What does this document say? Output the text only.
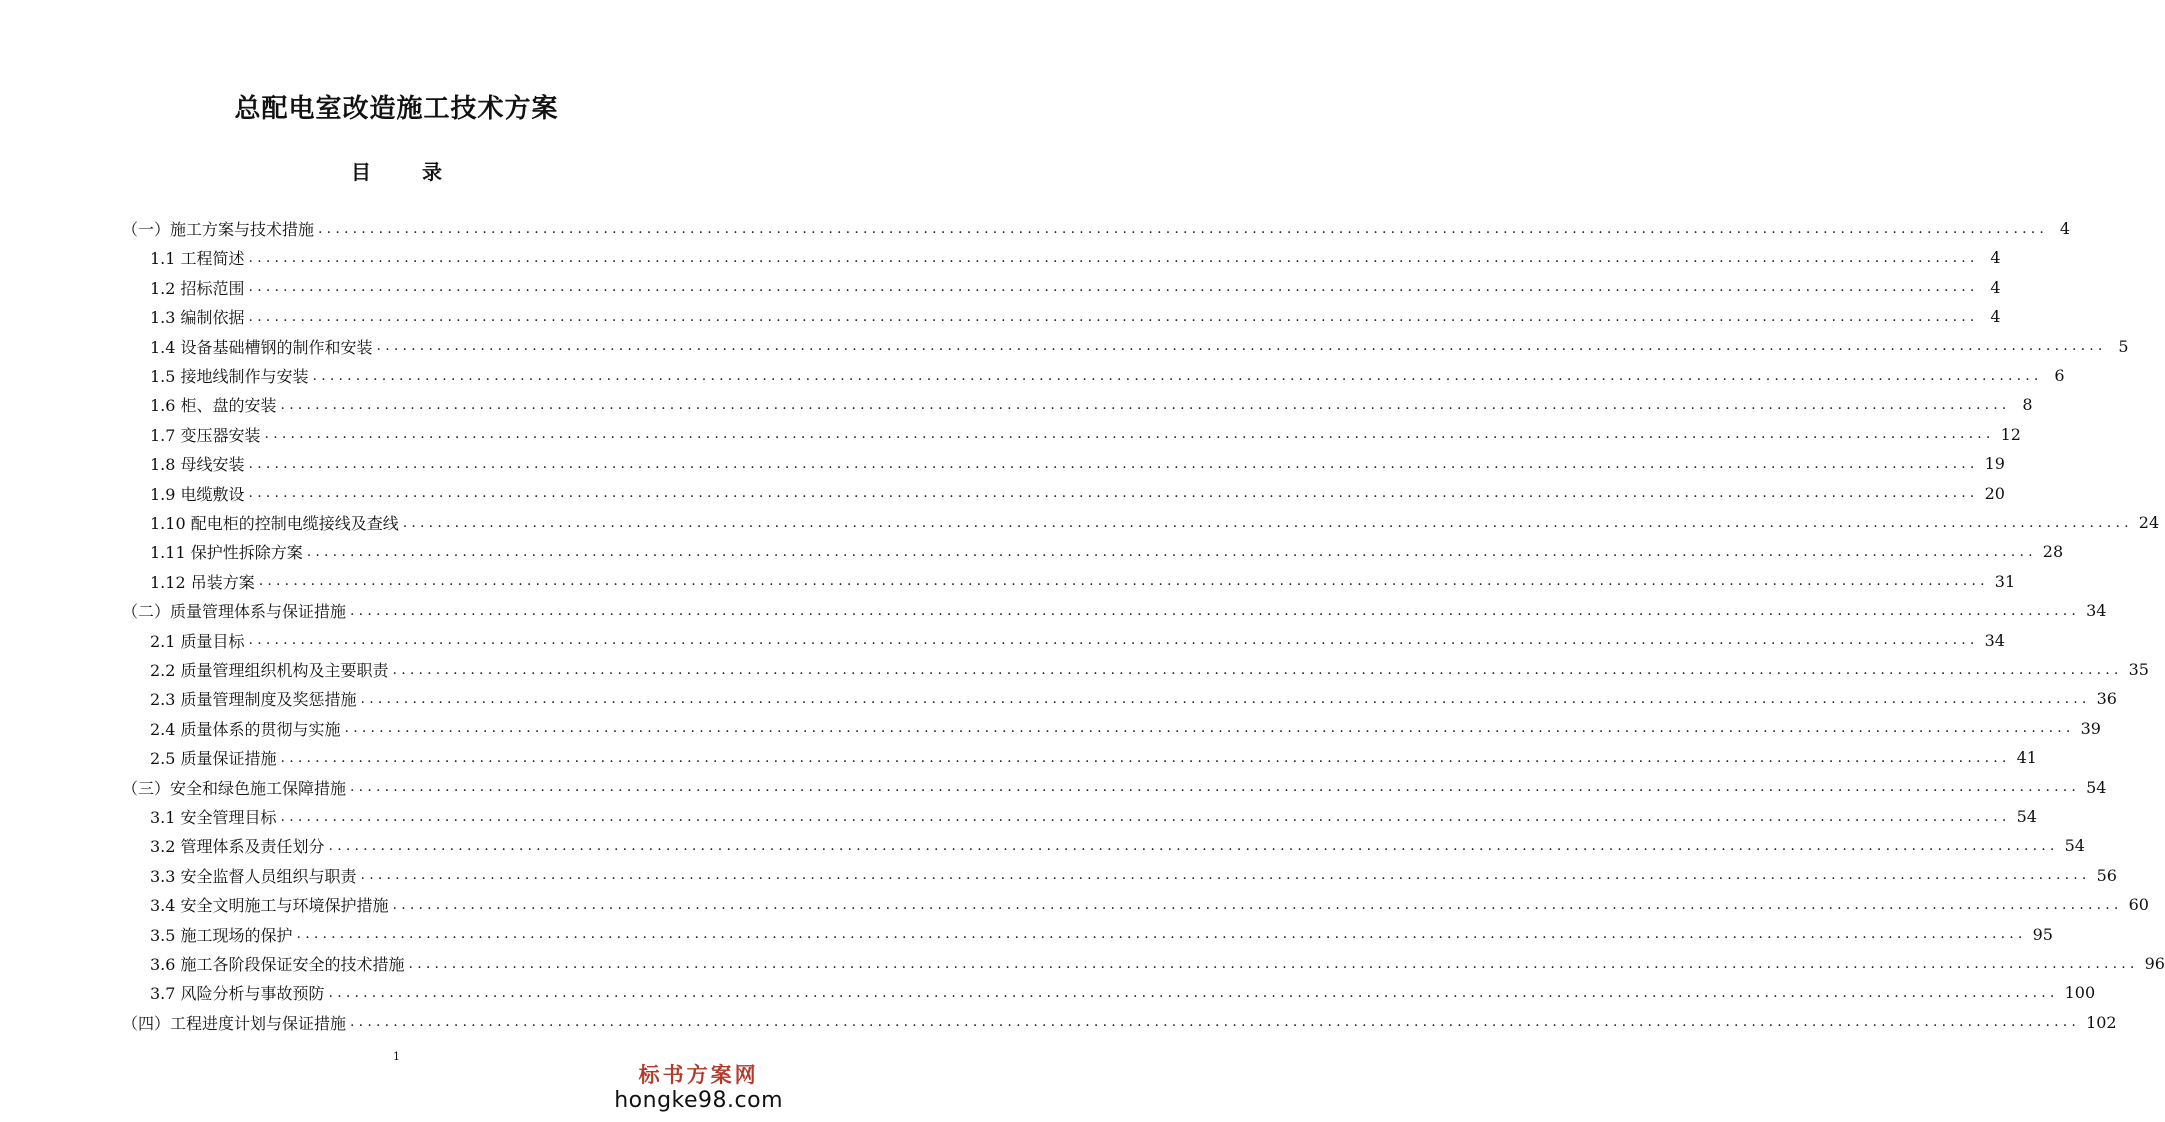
总配电室改造施工技术方案
目 录
（一）施工方案与技术措施 ........................................................................................................................................................................................................ 4
1.1 工程简述 ........................................................................................................................................................................................................ 4
1.2 招标范围 ........................................................................................................................................................................................................ 4
1.3 编制依据 ........................................................................................................................................................................................................ 4
1.4 设备基础槽钢的制作和安装 ........................................................................................................................................................................................................ 5
1.5 接地线制作与安装 ........................................................................................................................................................................................................ 6
1.6 柜、盘的安装 ........................................................................................................................................................................................................ 8
1.7 变压器安装 ........................................................................................................................................................................................................ 12
1.8 母线安装 ........................................................................................................................................................................................................ 19
1.9 电缆敷设 ........................................................................................................................................................................................................ 20
1.10 配电柜的控制电缆接线及查线 ........................................................................................................................................................................................................ 24
1.11 保护性拆除方案 ........................................................................................................................................................................................................ 28
1.12 吊装方案 ........................................................................................................................................................................................................ 31
（二）质量管理体系与保证措施 ........................................................................................................................................................................................................ 34
2.1 质量目标 ........................................................................................................................................................................................................ 34
2.2 质量管理组织机构及主要职责 ........................................................................................................................................................................................................ 35
2.3 质量管理制度及奖惩措施 ........................................................................................................................................................................................................ 36
2.4 质量体系的贯彻与实施 ........................................................................................................................................................................................................ 39
2.5 质量保证措施 ........................................................................................................................................................................................................ 41
（三）安全和绿色施工保障措施 ........................................................................................................................................................................................................ 54
3.1 安全管理目标 ........................................................................................................................................................................................................ 54
3.2 管理体系及责任划分 ........................................................................................................................................................................................................ 54
3.3 安全监督人员组织与职责 ........................................................................................................................................................................................................ 56
3.4 安全文明施工与环境保护措施 ........................................................................................................................................................................................................ 60
3.5 施工现场的保护 ........................................................................................................................................................................................................ 95
3.6 施工各阶段保证安全的技术措施 ........................................................................................................................................................................................................ 96
3.7 风险分析与事故预防 ........................................................................................................................................................................................................ 100
（四）工程进度计划与保证措施 ........................................................................................................................................................................................................ 102
1
标书方案网
hongke98.com
